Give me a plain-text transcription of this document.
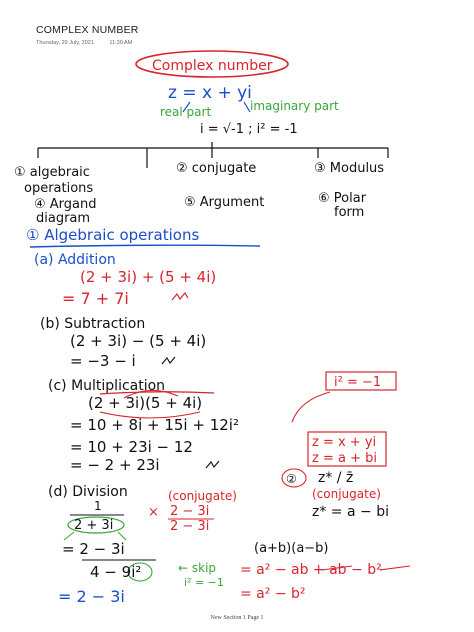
COMPLEX NUMBER
Thursday, 29 July, 2021	11:30 AM
Complex number
z = x + yi
real part	imaginary part
i = √-1 ; i² = -1
① algebraic
operations
② conjugate	③ Modulus
④ Argand
diagram
⑤ Argument	⑥ Polar
form
① Algebraic operations
(a) Addition
(2 + 3i) + (5 + 4i)
= 7 + 7i
(b) Subtraction
(2 + 3i) − (5 + 4i)
= −3 − i
(c) Multiplication
(2 + 3i)(5 + 4i)
= 10 + 8i + 15i + 12i²
= 10 + 23i − 12
= − 2 + 23i
(d) Division
1
2 + 3i
×
(conjugate)
2 − 3i
2 − 3i
= 2 − 3i
4 − 9i²	← skip
i² = −1
= 2 − 3i
i² = −1
z = x + yi
z = a + bi
② z* / z̄
(conjugate)
z* = a − bi
(a+b)(a−b)
= a² − ab + ab − b²
= a² − b²
New Section 1 Page 1
